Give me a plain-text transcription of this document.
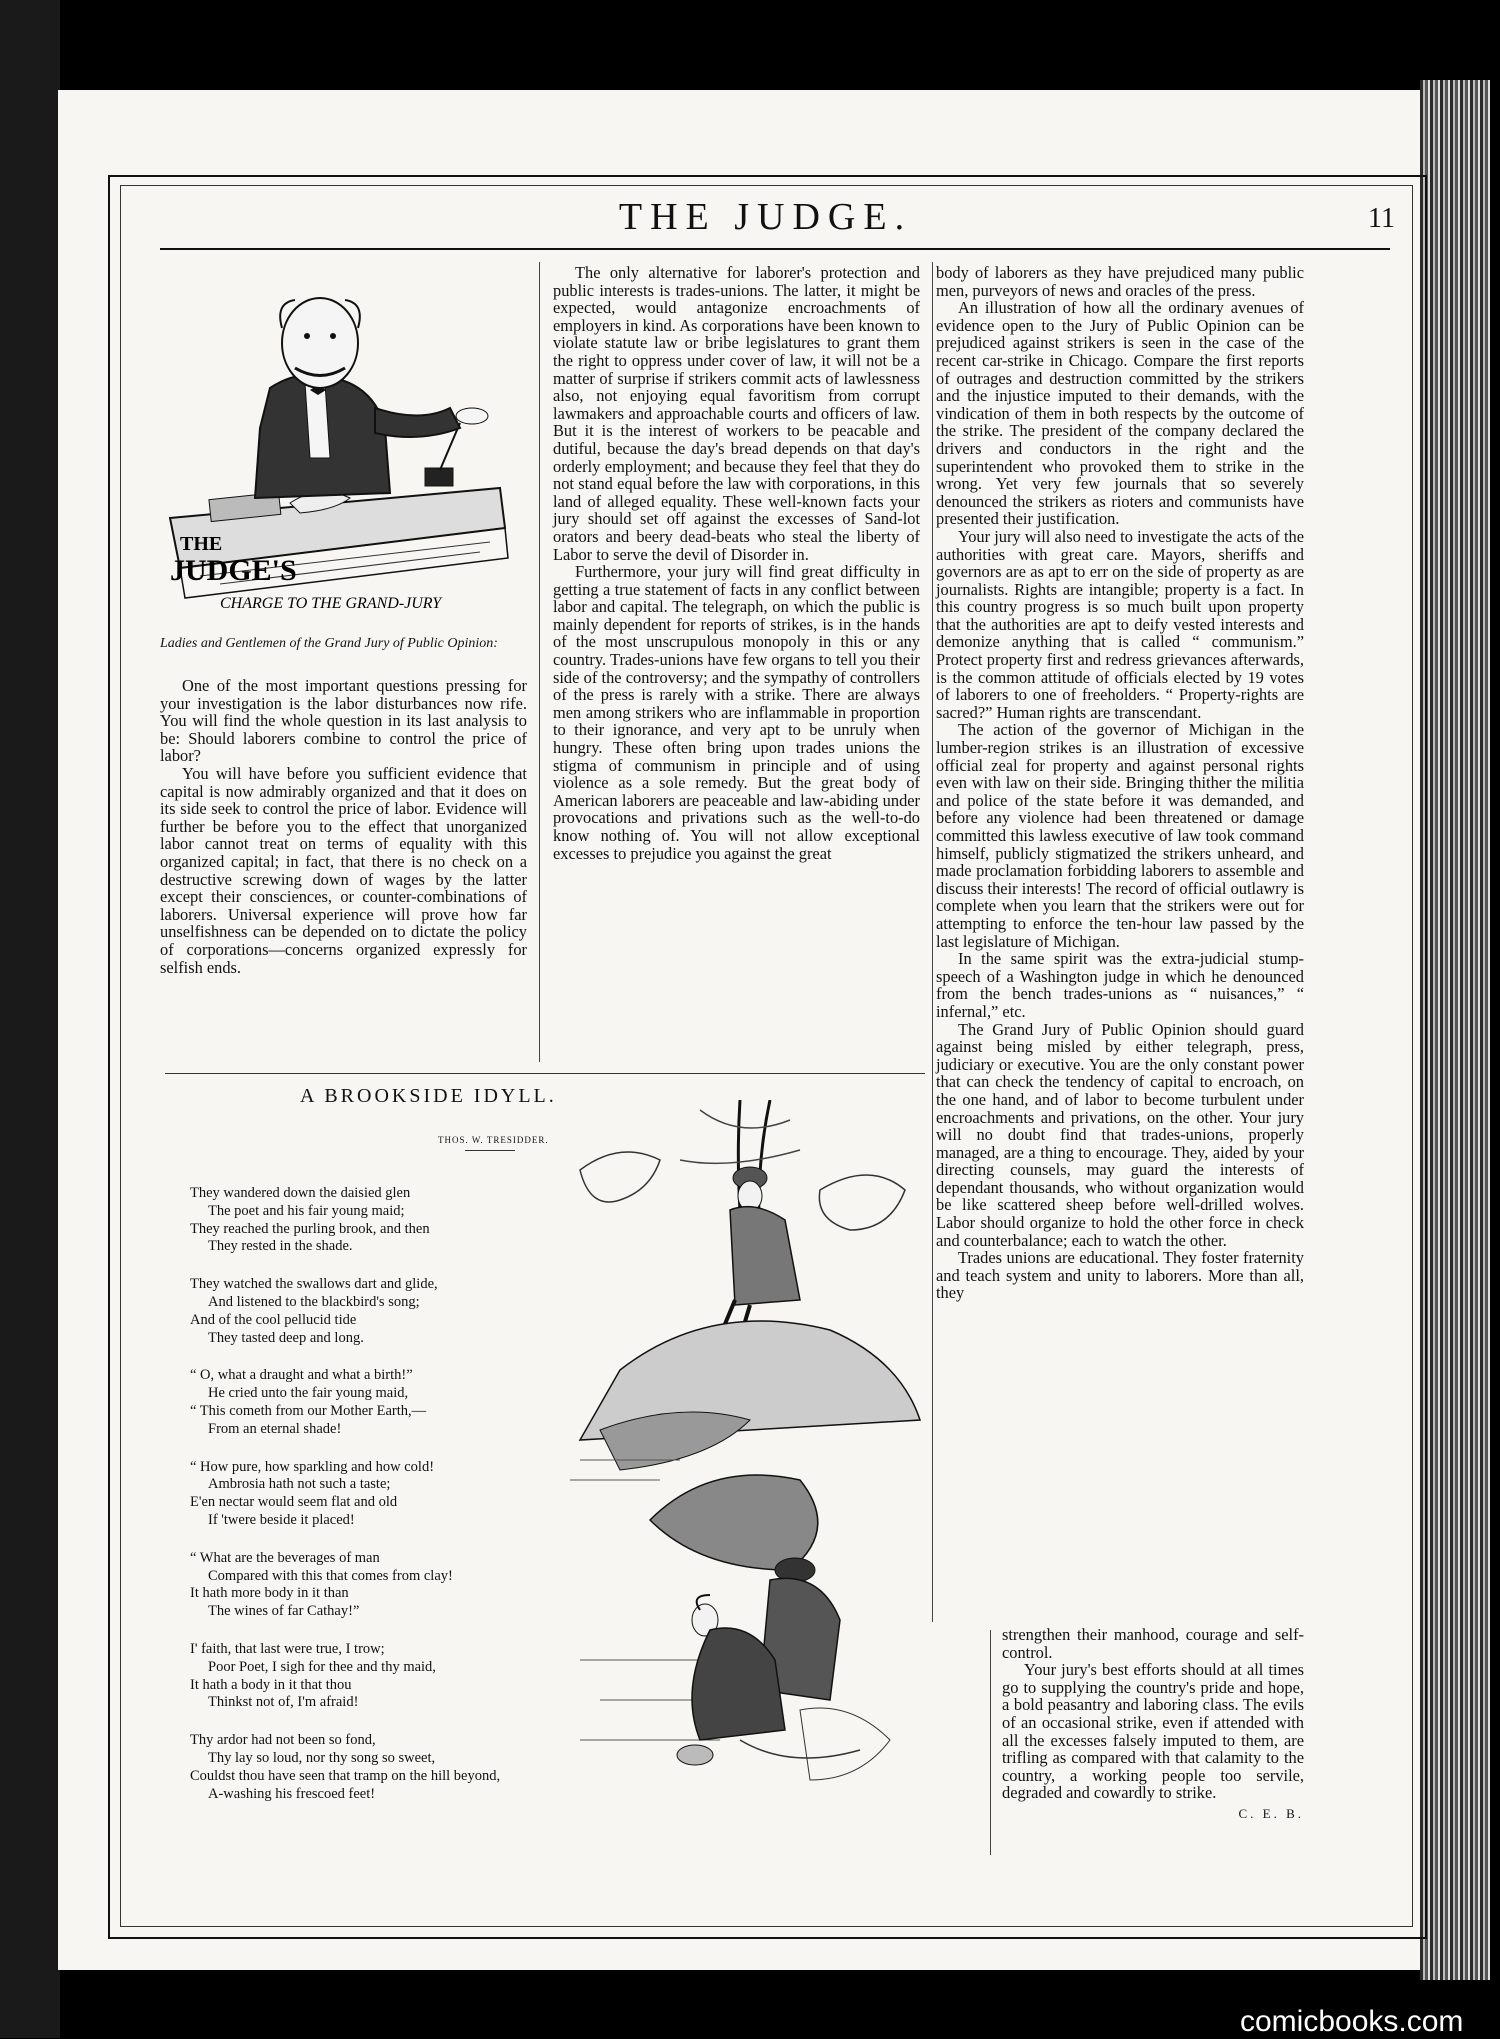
THE JUDGE.	11
THE
JUDGE'S
CHARGE TO THE GRAND-JURY
Ladies and Gentlemen of the Grand Jury of Public Opinion:

One of the most important questions pressing for your investigation is the labor disturbances now rife. You will find the whole question in its last analysis to be: Should laborers combine to control the price of labor?

You will have before you sufficient evidence that capital is now admirably organized and that it does on its side seek to control the price of labor. Evidence will further be before you to the effect that unorganized labor cannot treat on terms of equality with this organized capital; in fact, that there is no check on a destructive screwing down of wages by the latter except their consciences, or counter-combinations of laborers. Universal experience will prove how far unselfishness can be depended on to dictate the policy of corporations—concerns organized expressly for selfish ends.

The only alternative for laborer's protection and public interests is trades-unions. The latter, it might be expected, would antagonize encroachments of employers in kind. As corporations have been known to violate statute law or bribe legislatures to grant them the right to oppress under cover of law, it will not be a matter of surprise if strikers commit acts of lawlessness also, not enjoying equal favoritism from corrupt lawmakers and approachable courts and officers of law. But it is the interest of workers to be peacable and dutiful, because the day's bread depends on that day's orderly employment; and because they feel that they do not stand equal before the law with corporations, in this land of alleged equality. These well-known facts your jury should set off against the excesses of Sand-lot orators and beery dead-beats who steal the liberty of Labor to serve the devil of Disorder in.

Furthermore, your jury will find great difficulty in getting a true statement of facts in any conflict between labor and capital. The telegraph, on which the public is mainly dependent for reports of strikes, is in the hands of the most unscrupulous monopoly in this or any country. Trades-unions have few organs to tell you their side of the controversy; and the sympathy of controllers of the press is rarely with a strike. There are always men among strikers who are inflammable in proportion to their ignorance, and very apt to be unruly when hungry. These often bring upon trades unions the stigma of communism in principle and of using violence as a sole remedy. But the great body of American laborers are peaceable and law-abiding under provocations and privations such as the well-to-do know nothing of. You will not allow exceptional excesses to prejudice you against the great

body of laborers as they have prejudiced many public men, purveyors of news and oracles of the press.

An illustration of how all the ordinary avenues of evidence open to the Jury of Public Opinion can be prejudiced against strikers is seen in the case of the recent car-strike in Chicago. Compare the first reports of outrages and destruction committed by the strikers and the injustice imputed to their demands, with the vindication of them in both respects by the outcome of the strike. The president of the company declared the drivers and conductors in the right and the superintendent who provoked them to strike in the wrong. Yet very few journals that so severely denounced the strikers as rioters and communists have presented their justification.

Your jury will also need to investigate the acts of the authorities with great care. Mayors, sheriffs and governors are as apt to err on the side of property as are journalists. Rights are intangible; property is a fact. In this country progress is so much built upon property that the authorities are apt to deify vested interests and demonize anything that is called “ communism.” Protect property first and redress grievances afterwards, is the common attitude of officials elected by 19 votes of laborers to one of freeholders. “ Property-rights are sacred?” Human rights are transcendant.

The action of the governor of Michigan in the lumber-region strikes is an illustration of excessive official zeal for property and against personal rights even with law on their side. Bringing thither the militia and police of the state before it was demanded, and before any violence had been threatened or damage committed this lawless executive of law took command himself, publicly stigmatized the strikers unheard, and made proclamation forbidding laborers to assemble and discuss their interests! The record of official outlawry is complete when you learn that the strikers were out for attempting to enforce the ten-hour law passed by the last legislature of Michigan.

In the same spirit was the extra-judicial stump-speech of a Washington judge in which he denounced from the bench trades-unions as “ nuisances,” “ infernal,” etc.

The Grand Jury of Public Opinion should guard against being misled by either telegraph, press, judiciary or executive. You are the only constant power that can check the tendency of capital to encroach, on the one hand, and of labor to become turbulent under encroachments and privations, on the other. Your jury will no doubt find that trades-unions, properly managed, are a thing to encourage. They, aided by your directing counsels, may guard the interests of dependant thousands, who without organization would be like scattered sheep before well-drilled wolves. Labor should organize to hold the other force in check and counterbalance; each to watch the other.

Trades unions are educational. They foster fraternity and teach system and unity to laborers. More than all, they

strengthen their manhood, courage and self-control.

Your jury's best efforts should at all times go to supplying the country's pride and hope, a bold peasantry and laboring class. The evils of an occasional strike, even if attended with all the excesses falsely imputed to them, are trifling as compared with that calamity to the country, a working people too servile, degraded and cowardly to strike.

C. E. B.
A BROOKSIDE IDYLL.
THOS. W. TRESIDDER.
They wandered down the daisied glen
The poet and his fair young maid;
They reached the purling brook, and then
They rested in the shade.
They watched the swallows dart and glide,
And listened to the blackbird's song;
And of the cool pellucid tide
They tasted deep and long.
“ O, what a draught and what a birth!”
He cried unto the fair young maid,
“ This cometh from our Mother Earth,—
From an eternal shade!
“ How pure, how sparkling and how cold!
Ambrosia hath not such a taste;
E'en nectar would seem flat and old
If 'twere beside it placed!
“ What are the beverages of man
Compared with this that comes from clay!
It hath more body in it than
The wines of far Cathay!”
I' faith, that last were true, I trow;
Poor Poet, I sigh for thee and thy maid,
It hath a body in it that thou
Thinkst not of, I'm afraid!
Thy ardor had not been so fond,
Thy lay so loud, nor thy song so sweet,
Couldst thou have seen that tramp on the hill beyond,
A-washing his frescoed feet!
comicbooks.com
